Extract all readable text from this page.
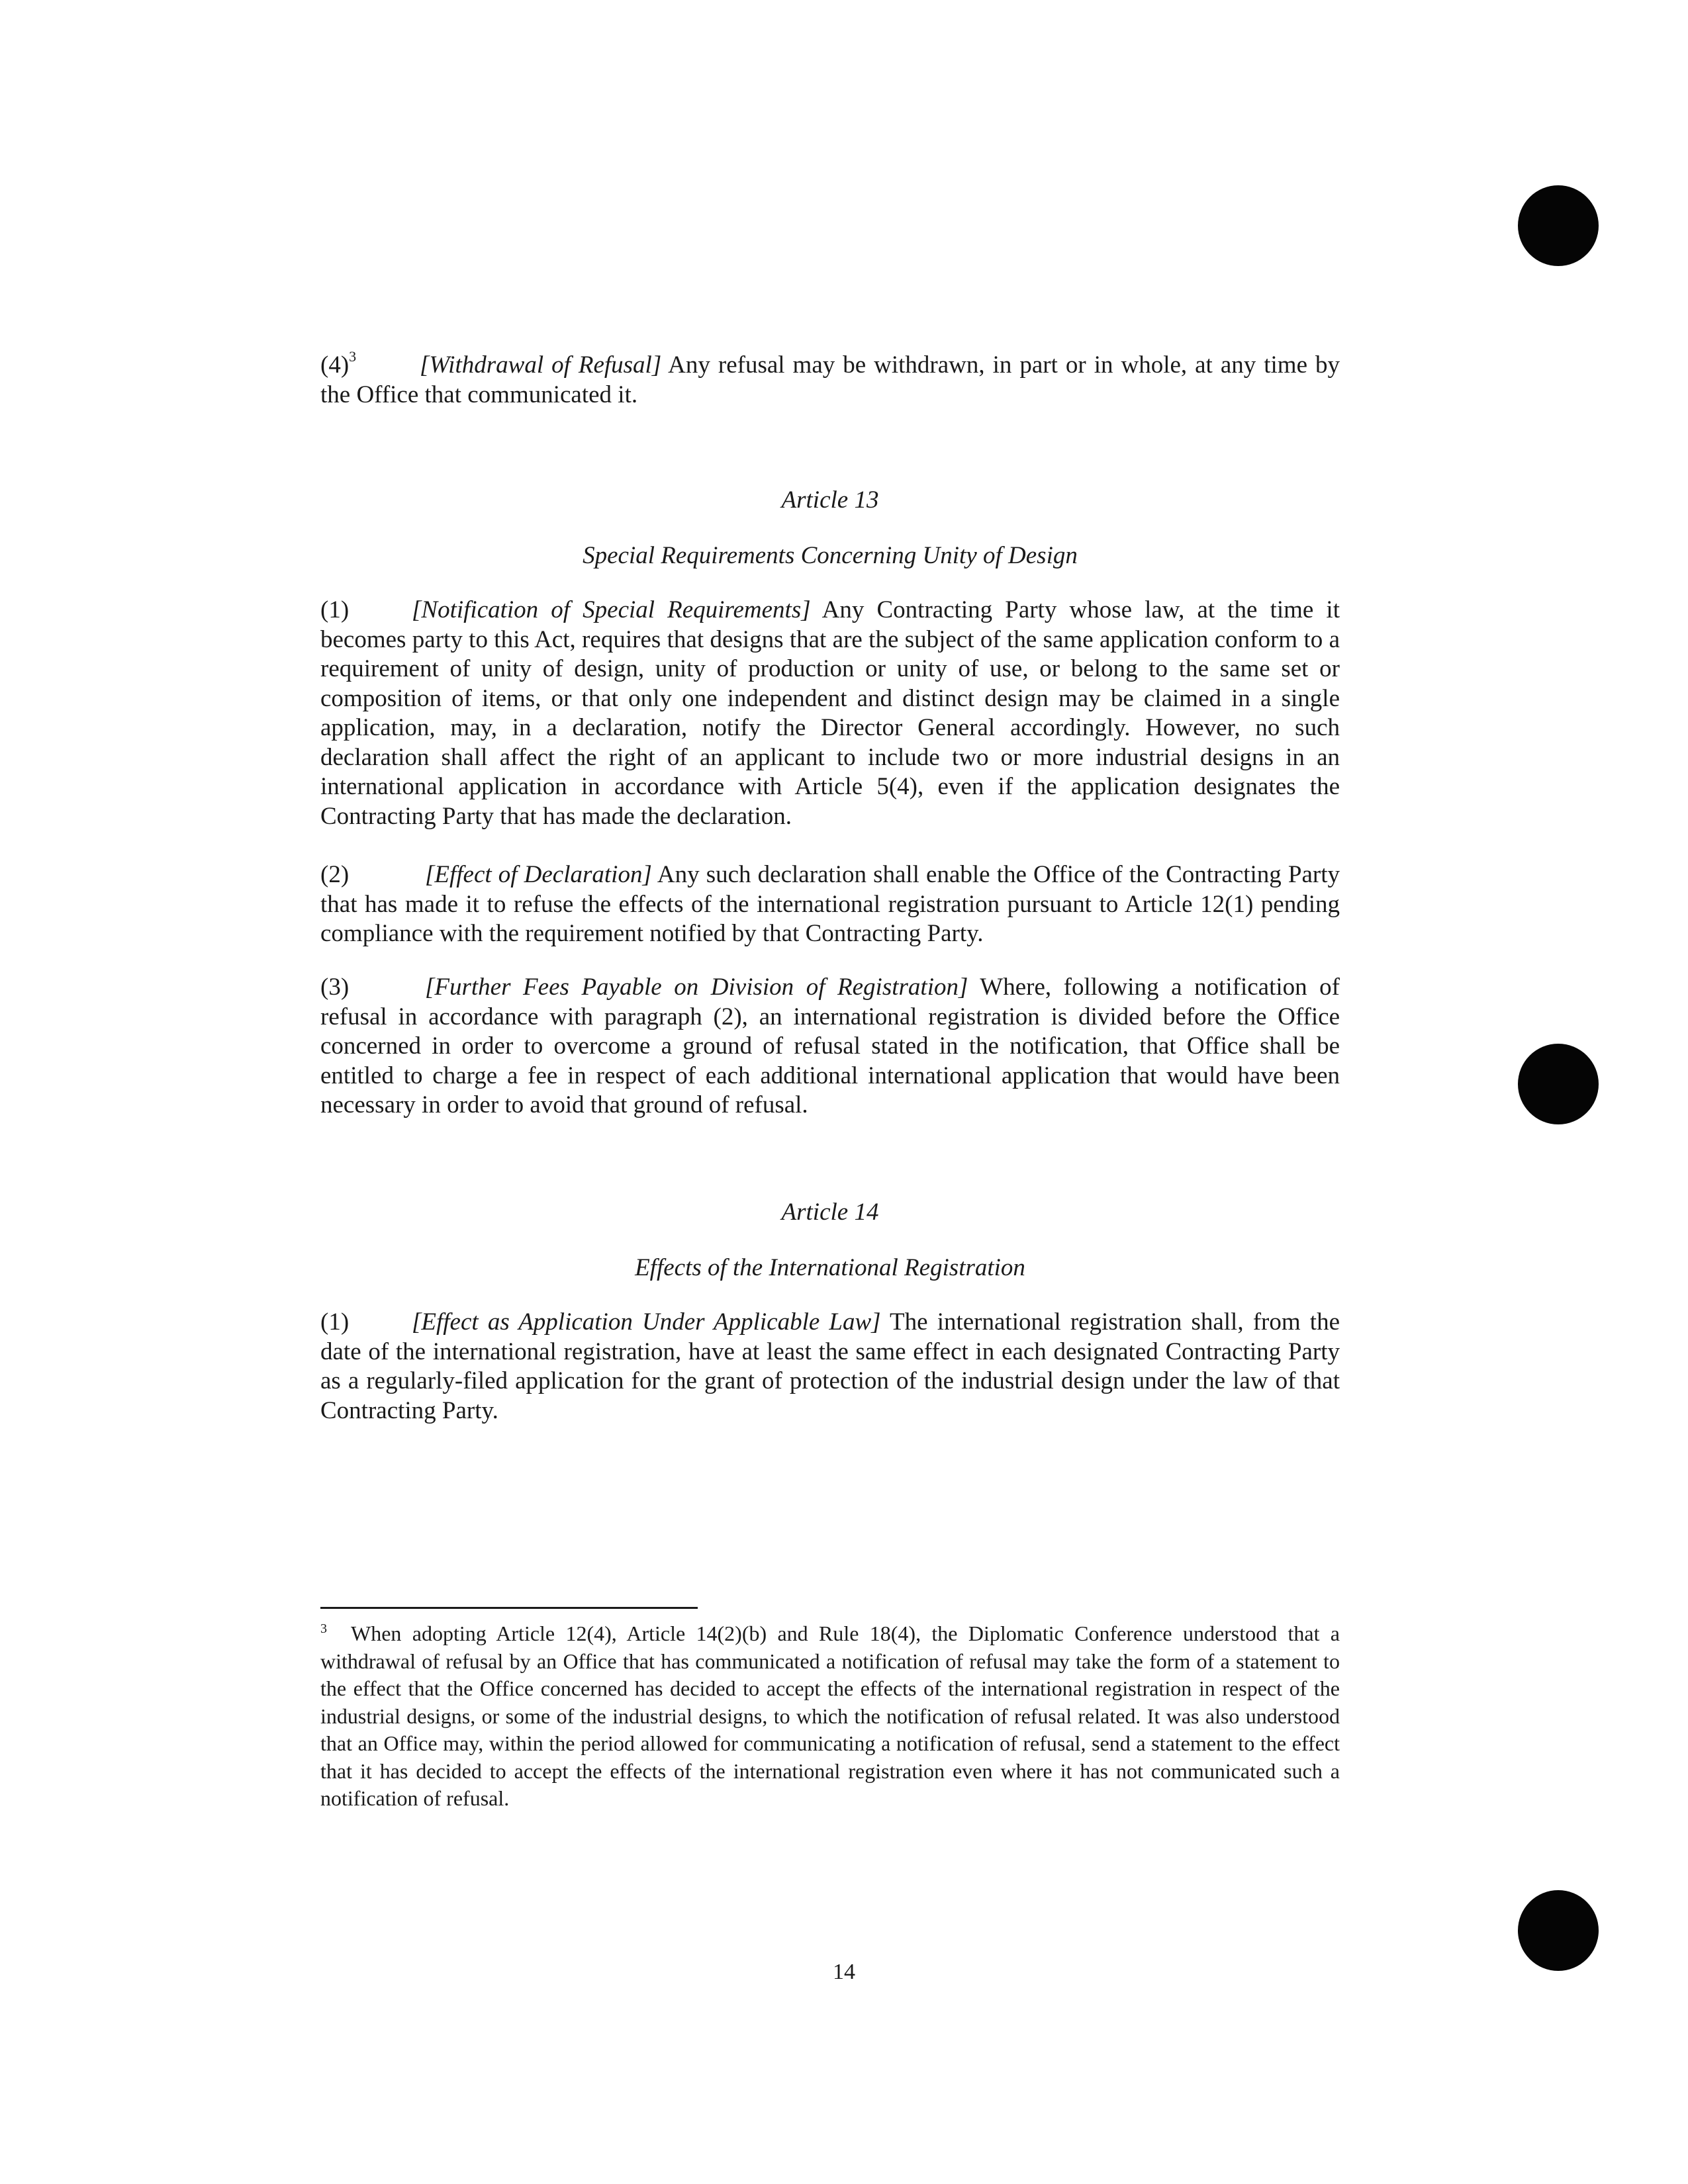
$(4)^3$	[Withdrawal of Refusal] Any refusal may be withdrawn, in part or in whole, at any time by the Office that communicated it.

Article 13

Special Requirements Concerning Unity of Design

(1)	[Notification of Special Requirements] Any Contracting Party whose law, at the time it becomes party to this Act, requires that designs that are the subject of the same application conform to a requirement of unity of design, unity of production or unity of use, or belong to the same set or composition of items, or that only one independent and distinct design may be claimed in a single application, may, in a declaration, notify the Director General accordingly. However, no such declaration shall affect the right of an applicant to include two or more industrial designs in an international application in accordance with Article 5(4), even if the application designates the Contracting Party that has made the declaration.

(2)	[Effect of Declaration] Any such declaration shall enable the Office of the Contracting Party that has made it to refuse the effects of the international registration pursuant to Article 12(1) pending compliance with the requirement notified by that Contracting Party.

(3)	[Further Fees Payable on Division of Registration] Where, following a notification of refusal in accordance with paragraph (2), an international registration is divided before the Office concerned in order to overcome a ground of refusal stated in the notification, that Office shall be entitled to charge a fee in respect of each additional international application that would have been necessary in order to avoid that ground of refusal.

Article 14

Effects of the International Registration

(1)	[Effect as Application Under Applicable Law] The international registration shall, from the date of the international registration, have at least the same effect in each designated Contracting Party as a regularly-filed application for the grant of protection of the industrial design under the law of that Contracting Party.

$^3$ When adopting Article 12(4), Article 14(2)(b) and Rule 18(4), the Diplomatic Conference understood that a withdrawal of refusal by an Office that has communicated a notification of refusal may take the form of a statement to the effect that the Office concerned has decided to accept the effects of the international registration in respect of the industrial designs, or some of the industrial designs, to which the notification of refusal related. It was also understood that an Office may, within the period allowed for communicating a notification of refusal, send a statement to the effect that it has decided to accept the effects of the international registration even where it has not communicated such a notification of refusal.

14
